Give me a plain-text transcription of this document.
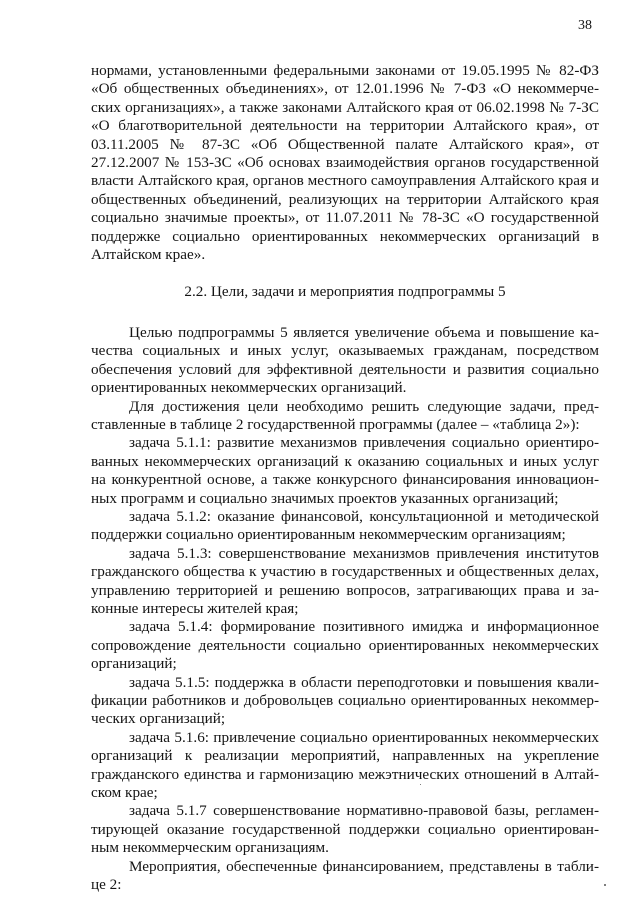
38

нормами, установленными федеральными законами от 19.05.1995 № 82-ФЗ «Об общественных объединениях», от 12.01.1996 № 7-ФЗ «О некоммерческих организациях», а также законами Алтайского края от 06.02.1998 № 7-ЗС «О благотворительной деятельности на территории Алтайского края», от 03.11.2005 № 87-ЗС «Об Общественной палате Алтайского края», от 27.12.2007 № 153-ЗС «Об основах взаимодействия органов государственной власти Алтайского края, органов местного самоуправления Алтайского края и общественных объединений, реализующих на территории Алтайского края социально значимые проекты», от 11.07.2011 № 78-ЗС «О государственной поддержке социально ориентированных некоммерческих организаций в Алтайском крае».

2.2. Цели, задачи и мероприятия подпрограммы 5

Целью подпрограммы 5 является увеличение объема и повышение качества социальных и иных услуг, оказываемых гражданам, посредством обеспечения условий для эффективной деятельности и развития социально ориентированных некоммерческих организаций.

Для достижения цели необходимо решить следующие задачи, представленные в таблице 2 государственной программы (далее – «таблица 2»):

задача 5.1.1: развитие механизмов привлечения социально ориентированных некоммерческих организаций к оказанию социальных и иных услуг на конкурентной основе, а также конкурсного финансирования инновационных программ и социально значимых проектов указанных организаций;

задача 5.1.2: оказание финансовой, консультационной и методической поддержки социально ориентированным некоммерческим организациям;

задача 5.1.3: совершенствование механизмов привлечения институтов гражданского общества к участию в государственных и общественных делах, управлению территорией и решению вопросов, затрагивающих права и законные интересы жителей края;

задача 5.1.4: формирование позитивного имиджа и информационное сопровождение деятельности социально ориентированных некоммерческих организаций;

задача 5.1.5: поддержка в области переподготовки и повышения квалификации работников и добровольцев социально ориентированных некоммерческих организаций;

задача 5.1.6: привлечение социально ориентированных некоммерческих организаций к реализации мероприятий, направленных на укрепление гражданского единства и гармонизацию межэтнических отношений в Алтайском крае;

задача 5.1.7 совершенствование нормативно-правовой базы, регламентирующей оказание государственной поддержки социально ориентированным некоммерческим организациям.

Мероприятия, обеспеченные финансированием, представлены в таблице 2:
